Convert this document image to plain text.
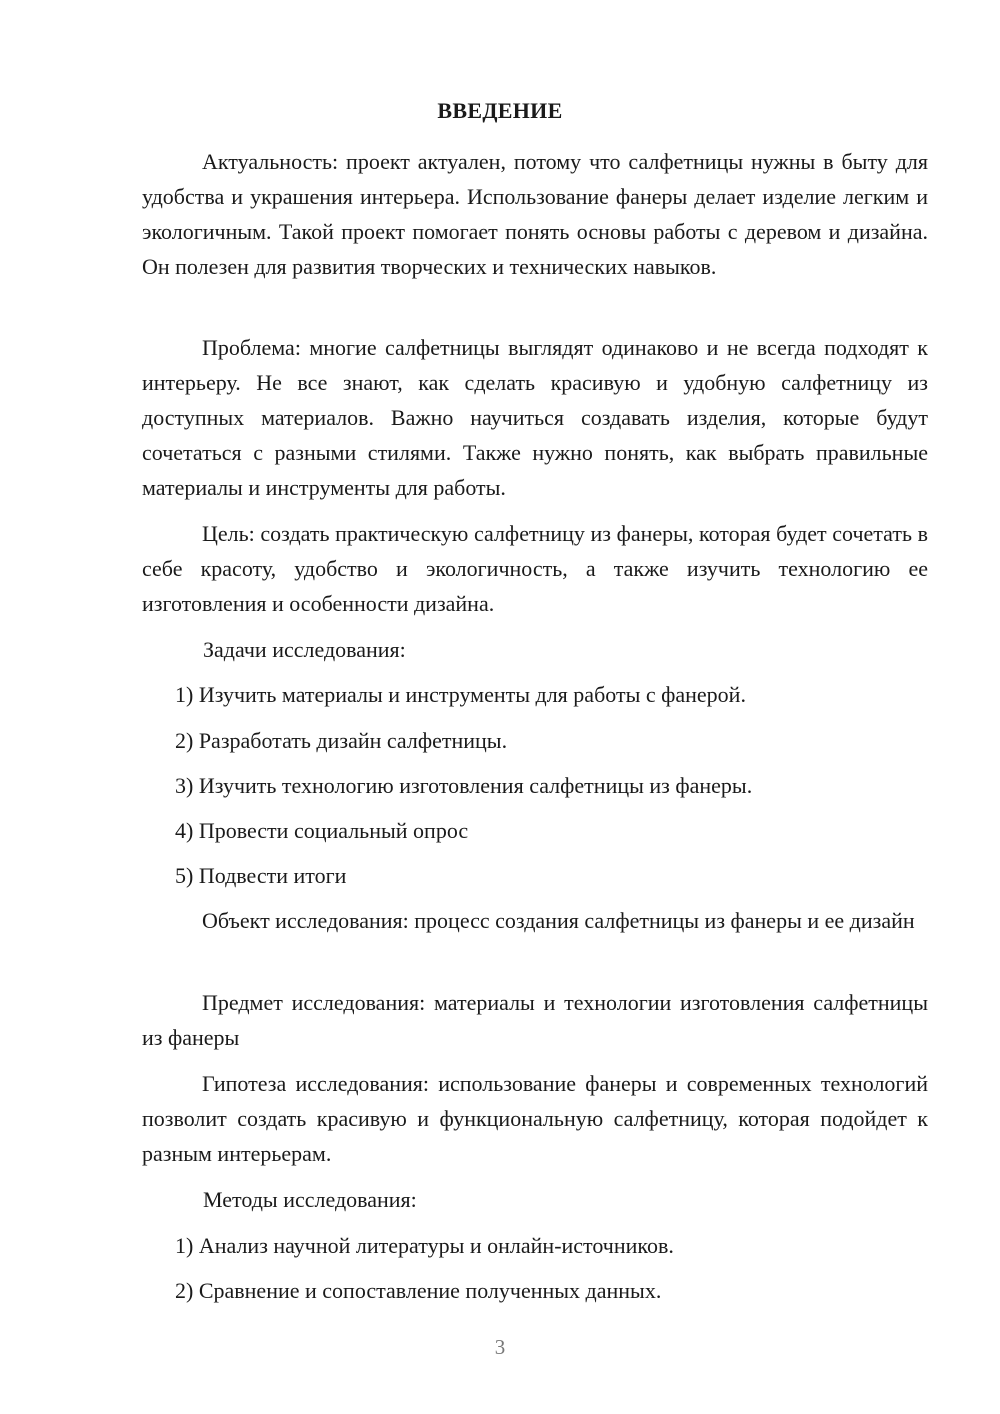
ВВЕДЕНИЕ

Актуальность: проект актуален, потому что салфетницы нужны в быту для удобства и украшения интерьера. Использование фанеры делает изделие легким и экологичным. Такой проект помогает понять основы работы с деревом и дизайна. Он полезен для развития творческих и технических навыков.

Проблема: многие салфетницы выглядят одинаково и не всегда подходят к интерьеру. Не все знают, как сделать красивую и удобную салфетницу из доступных материалов. Важно научиться создавать изделия, которые будут сочетаться с разными стилями. Также нужно понять, как выбрать правильные материалы и инструменты для работы.

Цель: создать практическую салфетницу из фанеры, которая будет сочетать в себе красоту, удобство и экологичность, а также изучить технологию ее изготовления и особенности дизайна.

Задачи исследования:

1) Изучить материалы и инструменты для работы с фанерой.

2) Разработать дизайн салфетницы.

3) Изучить технологию изготовления салфетницы из фанеры.

4) Провести социальный опрос

5) Подвести итоги

Объект исследования: процесс создания салфетницы из фанеры и ее дизайн

Предмет исследования: материалы и технологии изготовления салфетницы из фанеры

Гипотеза исследования: использование фанеры и современных технологий позволит создать красивую и функциональную салфетницу, которая подойдет к разным интерьерам.

Методы исследования:

1) Анализ научной литературы и онлайн-источников.

2) Сравнение и сопоставление полученных данных.

3
